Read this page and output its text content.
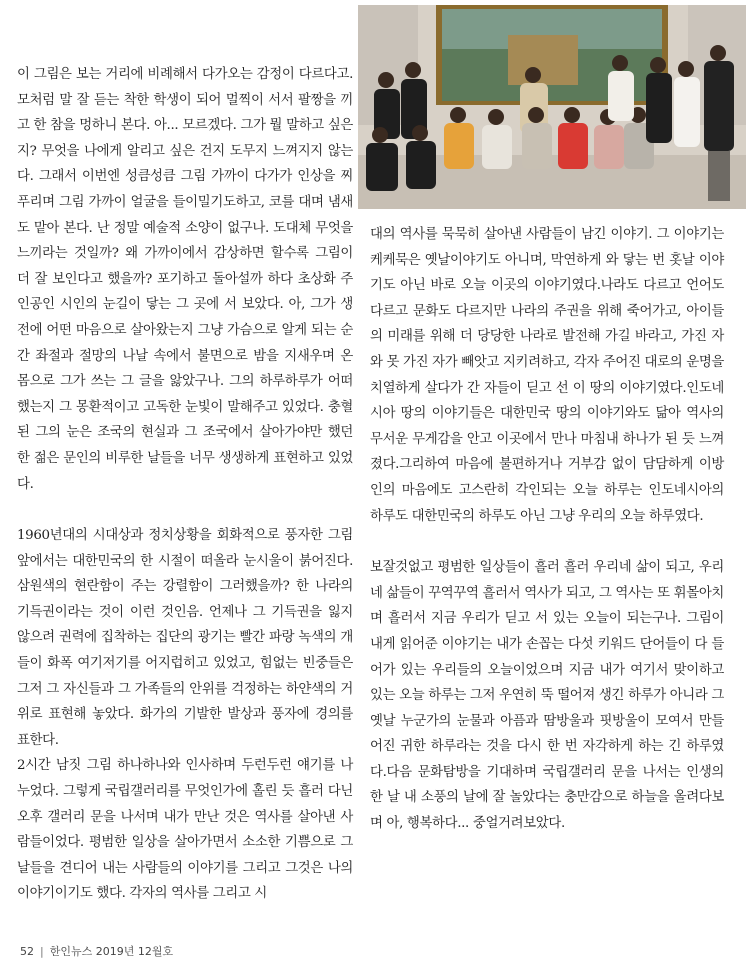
이 그림은 보는 거리에 비례해서 다가오는 감정이 다르다고. 모처럼 말 잘 듣는 착한 학생이 되어 멀찍이 서서 팔짱을 끼고 한 참을 멍하니 본다. 아... 모르겠다. 그가 뭘 말하고 싶은지? 무엇을 나에게 알리고 싶은 건지 도무지 느껴지지 않는다. 그래서 이번엔 성큼성큼 그림 가까이 다가가 인상을 찌푸리며 그림 가까이 얼굴을 들이밀기도하고, 코를 대며 냄새도 맡아 본다. 난 정말 예술적 소양이 없구나. 도대체 무엇을 느끼라는 것일까? 왜 가까이에서 감상하면 할수록 그림이 더 잘 보인다고 했을까? 포기하고 돌아설까 하다 초상화 주인공인 시인의 눈길이 닿는 그 곳에 서 보았다. 아, 그가 생전에 어떤 마음으로 살아왔는지 그냥 가슴으로 알게 되는 순간 좌절과 절망의 나날 속에서 불면으로 밤을 지새우며 온 몸으로 그가 쓰는 그 글을 앓았구나. 그의 하루하루가 어떠했는지 그 몽환적이고 고독한 눈빛이 말해주고 있었다. 충혈된 그의 눈은 조국의 현실과 그 조국에서 살아가야만 했던 한 젊은 문인의 비루한 날들을 너무 생생하게 표현하고 있었다.

1960년대의 시대상과 정치상황을 회화적으로 풍자한 그림 앞에서는 대한민국의 한 시절이 떠올라 눈시울이 붉어진다. 삼원색의 현란함이 주는 강렬함이 그러했을까? 한 나라의 기득권이라는 것이 이런 것인음. 언제나 그 기득권을 잃지 않으려 권력에 집착하는 집단의 광기는 빨간 파랑 녹색의 개들이 화폭 여기저기를 어지럽히고 있었고, 힘없는 빈중들은 그저 그 자신들과 그 가족들의 안위를 걱정하는 하얀색의 거위로 표현해 놓았다. 화가의 기발한 발상과 풍자에 경의를 표한다.
2시간 남짓 그림 하나하나와 인사하며 두런두런 얘기를 나누었다. 그렇게 국립갤러리를 무엇인가에 홀린 듯 흘러 다닌 오후 갤러리 문을 나서며 내가 만난 것은 역사를 살아낸 사람들이었다. 평범한 일상을 살아가면서 소소한 기쁨으로 그 날들을 견디어 내는 사람들의 이야기를 그리고 그것은 나의 이야기이기도 했다. 각자의 역사를 그리고 시

대의 역사를 묵묵히 살아낸 사람들이 남긴 이야기. 그 이야기는 케케묵은 옛날이야기도 아니며, 막연하게 와 닿는 번 홋날 이야기도 아닌 바로 오늘 이곳의 이야기였다.나라도 다르고 언어도 다르고 문화도 다르지만 나라의 주권을 위해 죽어가고, 아이들의 미래를 위해 더 당당한 나라로 발전해 가길 바라고, 가진 자와 못 가진 자가 빼앗고 지키려하고, 각자 주어진 대로의 운명을 치열하게 살다가 간 자들이 딛고 선 이 땅의 이야기였다.인도네시아 땅의 이야기들은 대한민국 땅의 이야기와도 닮아 역사의 무서운 무게감을 안고 이곳에서 만나 마침내 하나가 된 듯 느껴졌다.그리하여 마음에 불편하거나 거부감 없이 담담하게 이방인의 마음에도 고스란히 각인되는 오늘 하루는 인도네시아의 하루도 대한민국의 하루도 아닌 그냥 우리의 오늘 하루였다.

보잘것없고 평범한 일상들이 흘러 흘러 우리네 삶이 되고, 우리네 삶들이 꾸역꾸역 흘러서 역사가 되고, 그 역사는 또 휘몰아치며 흘러서 지금 우리가 딛고 서 있는 오늘이 되는구나. 그림이 내게 읽어준 이야기는 내가 손꼽는 다섯 키워드 단어들이 다 들어가 있는 우리들의 오늘이었으며 지금 내가 여기서 맞이하고 있는 오늘 하루는 그저 우연히 뚝 떨어져 생긴 하루가 아니라 그 옛날 누군가의 눈물과 아픔과 땀방울과 핏방울이 모여서 만들어진 귀한 하루라는 것을 다시 한 번 자각하게 하는 긴 하루였다.다음 문화탐방을 기대하며 국립갤러리 문을 나서는 인생의 한 날 내 소풍의 날에 잘 놀았다는 충만감으로 하늘을 올려다보며 아, 행복하다... 중얼거려보았다.

52 | 한인뉴스 2019년 12월호
